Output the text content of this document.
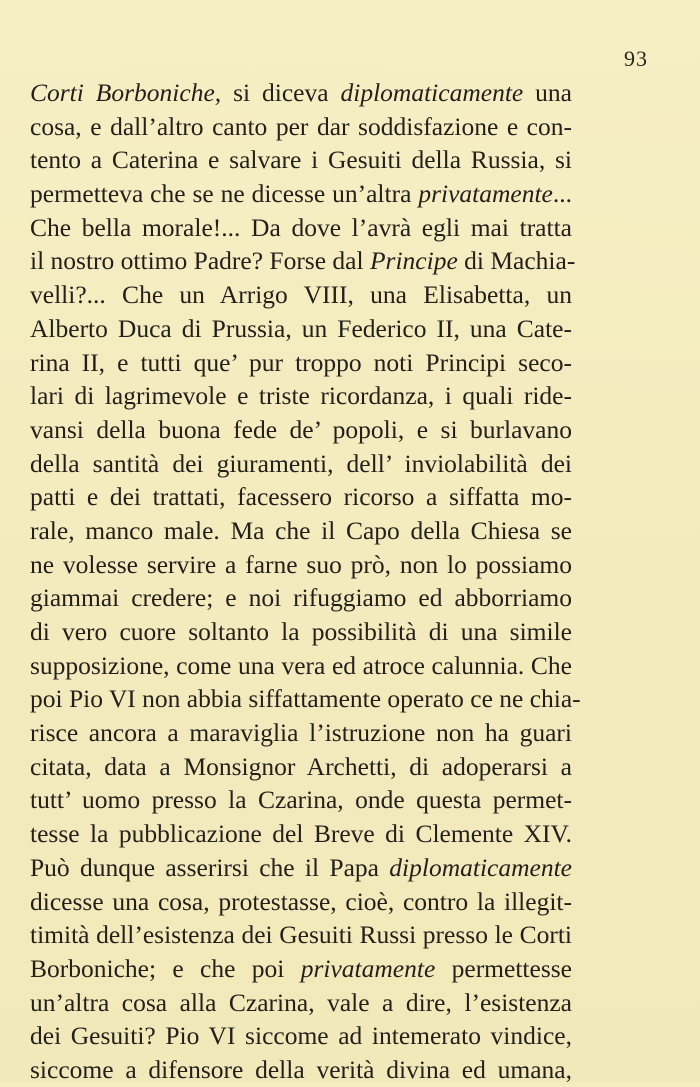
93
Corti Borboniche, si diceva diplomaticamente una
cosa, e dall’altro canto per dar soddisfazione e con-
tento a Caterina e salvare i Gesuiti della Russia, si
permetteva che se ne dicesse un’altra privatamente...
Che bella morale!... Da dove l’avrà egli mai tratta
il nostro ottimo Padre? Forse dal Principe di Machia-
velli?... Che un Arrigo VIII, una Elisabetta, un
Alberto Duca di Prussia, un Federico II, una Cate-
rina II, e tutti que’ pur troppo noti Principi seco-
lari di lagrimevole e triste ricordanza, i quali ride-
vansi della buona fede de’ popoli, e si burlavano
della santità dei giuramenti, dell’ inviolabilità dei
patti e dei trattati, facessero ricorso a siffatta mo-
rale, manco male. Ma che il Capo della Chiesa se
ne volesse servire a farne suo prò, non lo possiamo
giammai credere; e noi rifuggiamo ed abborriamo
di vero cuore soltanto la possibilità di una simile
supposizione, come una vera ed atroce calunnia. Che
poi Pio VI non abbia siffattamente operato ce ne chia-
risce ancora a maraviglia l’istruzione non ha guari
citata, data a Monsignor Archetti, di adoperarsi a
tutt’ uomo presso la Czarina, onde questa permet-
tesse la pubblicazione del Breve di Clemente XIV.
Può dunque asserirsi che il Papa diplomaticamente
dicesse una cosa, protestasse, cioè, contro la illegit-
timità dell’esistenza dei Gesuiti Russi presso le Corti
Borboniche; e che poi privatamente permettesse
un’altra cosa alla Czarina, vale a dire, l’esistenza
dei Gesuiti? Pio VI siccome ad intemerato vindice,
siccome a difensore della verità divina ed umana,
